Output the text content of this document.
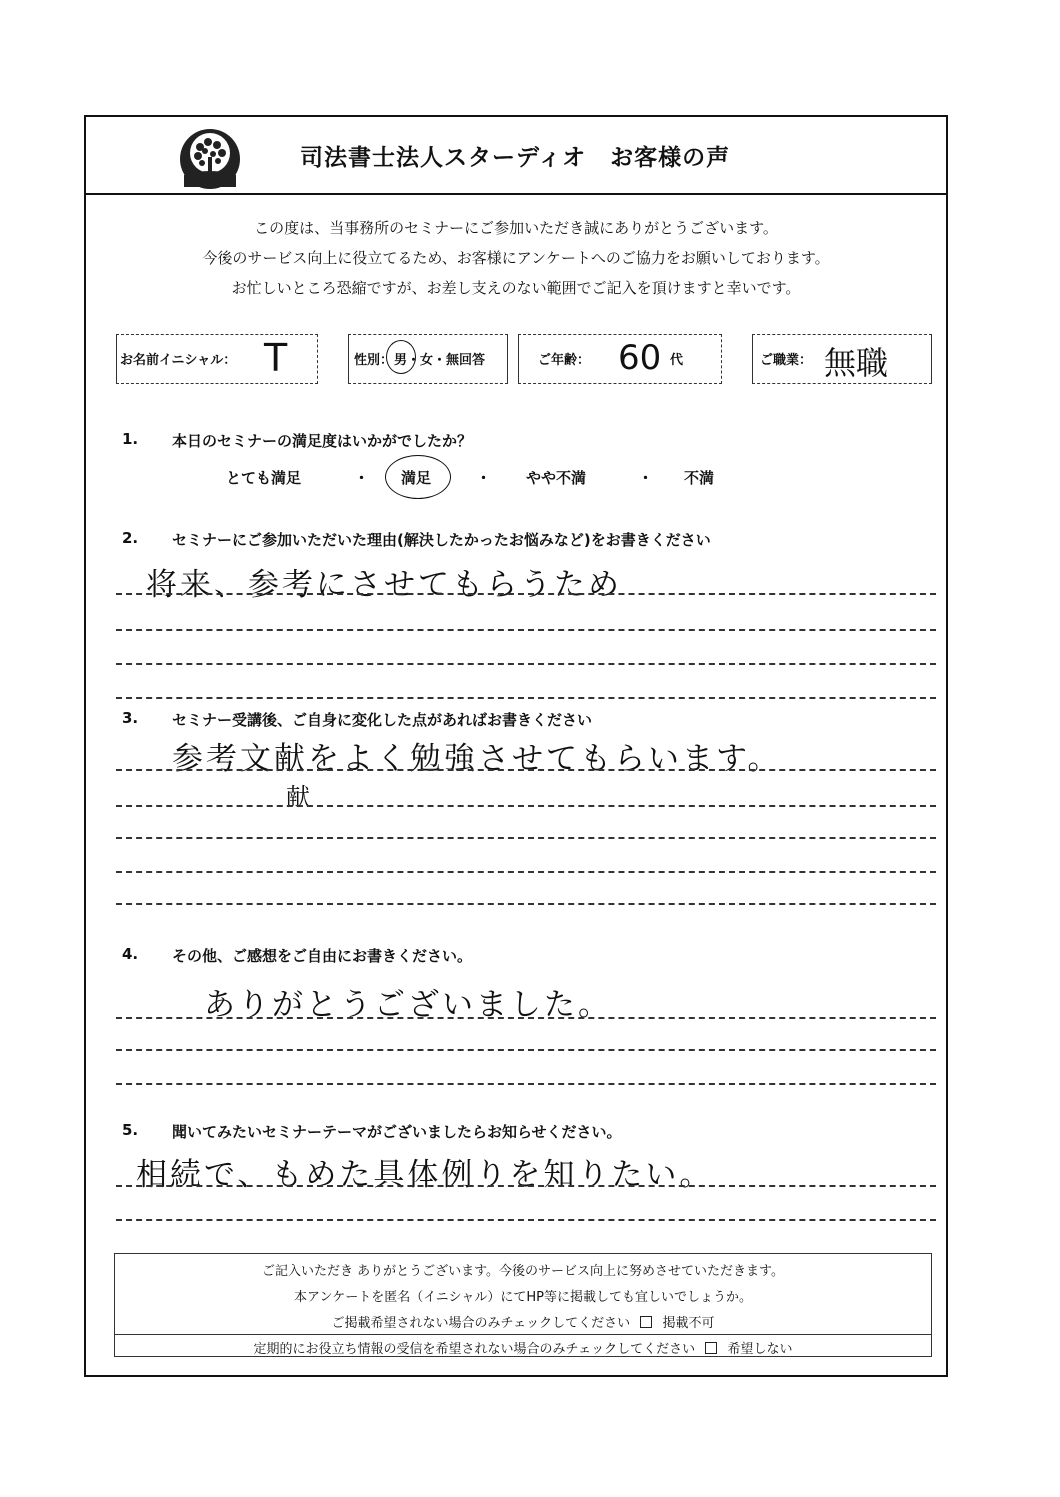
司法書士法人スターディオ　お客様の声
この度は、当事務所のセミナーにご参加いただき誠にありがとうございます。
今後のサービス向上に役立てるため、お客様にアンケートへのご協力をお願いしております。
お忙しいところ恐縮ですが、お差し支えのない範囲でご記入を頂けますと幸いです。
お名前イニシャル： T	性別： 男・女・無回答	ご年齢： 60 代	ご職業： 無職
1. 本日のセミナーの満足度はいかがでしたか？
とても満足	・ 満足	・ やや不満	・ 不満
2. セミナーにご参加いただいた理由(解決したかったお悩みなど)をお書きください
将来、参考にさせてもらうため
3. セミナー受講後、ご自身に変化した点があればお書きください
参考文献をよく勉強させてもらいます。
献
4. その他、ご感想をご自由にお書きください。
ありがとうございました。
5. 聞いてみたいセミナーテーマがございましたらお知らせください。
相続で、もめた具体例りを知りたい。
ご記入いただき ありがとうございます。今後のサービス向上に努めさせていただきます。
本アンケートを匿名（イニシャル）にてHP等に掲載しても宜しいでしょうか。
ご掲載希望されない場合のみチェックしてください 掲載不可
定期的にお役立ち情報の受信を希望されない場合のみチェックしてください 希望しない
